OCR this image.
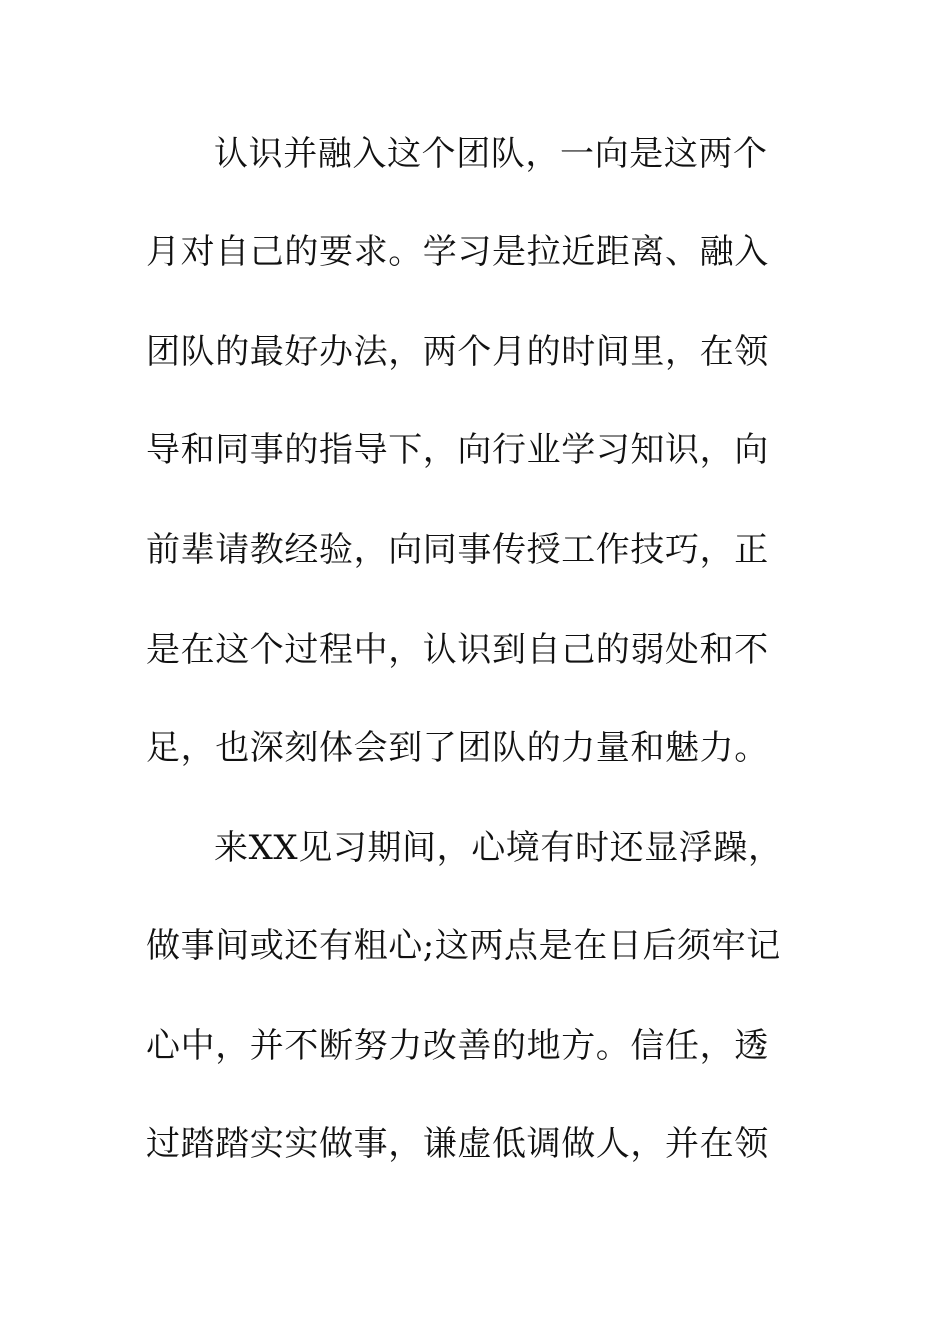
认识并融入这个团队，一向是这两个
月对自己的要求。学习是拉近距离、融入
团队的最好办法，两个月的时间里，在领
导和同事的指导下，向行业学习知识，向
前辈请教经验，向同事传授工作技巧，正
是在这个过程中，认识到自己的弱处和不
足，也深刻体会到了团队的力量和魅力。
来XX见习期间，心境有时还显浮躁，
做事间或还有粗心;这两点是在日后须牢记
心中，并不断努力改善的地方。信任，透
过踏踏实实做事，谦虚低调做人，并在领
